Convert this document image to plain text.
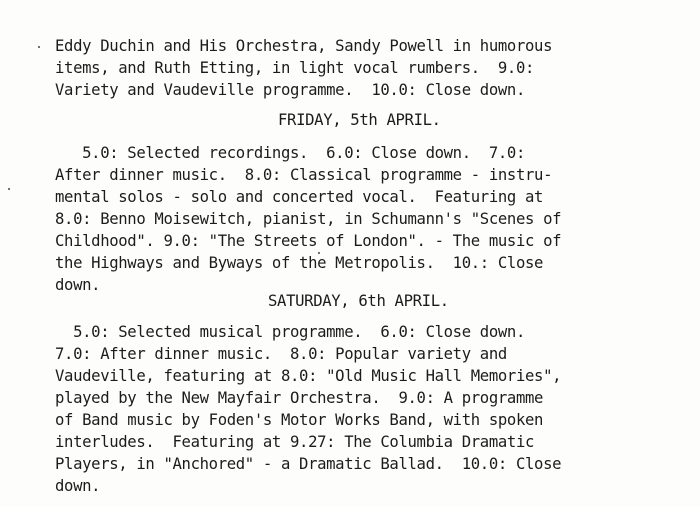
Eddy Duchin and His Orchestra, Sandy Powell in humorous
items, and Ruth Etting, in light vocal rumbers.  9.0:
Variety and Vaudeville programme.  10.0: Close down.
FRIDAY, 5th APRIL.
5.0: Selected recordings.  6.0: Close down.  7.0:
After dinner music.  8.0: Classical programme - instru-
mental solos - solo and concerted vocal.  Featuring at
8.0: Benno Moisewitch, pianist, in Schumann's "Scenes of
Childhood". 9.0: "The Streets of London". - The music of
the Highways and Byways of the Metropolis.  10.: Close
down.
SATURDAY, 6th APRIL.
5.0: Selected musical programme.  6.0: Close down.
7.0: After dinner music.  8.0: Popular variety and
Vaudeville, featuring at 8.0: "Old Music Hall Memories",
played by the New Mayfair Orchestra.  9.0: A programme
of Band music by Foden's Motor Works Band, with spoken
interludes.  Featuring at 9.27: The Columbia Dramatic
Players, in "Anchored" - a Dramatic Ballad.  10.0: Close
down.
